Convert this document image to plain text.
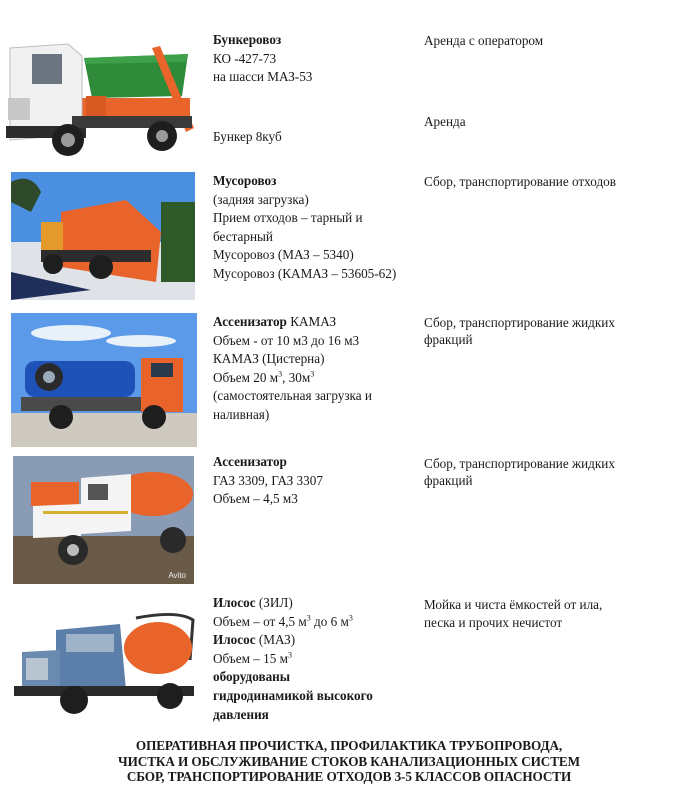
Бункеровоз
КО -427-73
на шасси МАЗ-53
Бункер 8куб
Аренда с оператором
Аренда
Мусоровоз
(задняя загрузка)
Прием отходов – тарный и
бестарный
Мусоровоз (МАЗ – 5340)
Мусоровоз (КАМАЗ – 53605-62)
Сбор, транспортирование отходов
Ассенизатор КАМАЗ
Объем - от 10 м3 до 16 м3
КАМАЗ (Цистерна)
Объем 20 $м^3$, $30м^3$
(самостоятельная загрузка и
наливная)
Сбор, транспортирование жидких фракций
Avito
Ассенизатор
ГАЗ 3309, ГАЗ 3307
Объем – 4,5 м3
Сбор, транспортирование жидких фракций
Илосос (ЗИЛ)
Объем – от 4,5 $м^3$ до 6 $м^3$
Илосос (МАЗ)
Объем – 15 $м^3$
оборудованы
гидродинамикой высокого
давления
Мойка и чиста ёмкостей от ила, песка и прочих нечистот
ОПЕРАТИВНАЯ ПРОЧИСТКА, ПРОФИЛАКТИКА ТРУБОПРОВОДА,
ЧИСТКА И ОБСЛУЖИВАНИЕ СТОКОВ КАНАЛИЗАЦИОННЫХ СИСТЕМ
СБОР, ТРАНСПОРТИРОВАНИЕ ОТХОДОВ 3-5 КЛАССОВ ОПАСНОСТИ
